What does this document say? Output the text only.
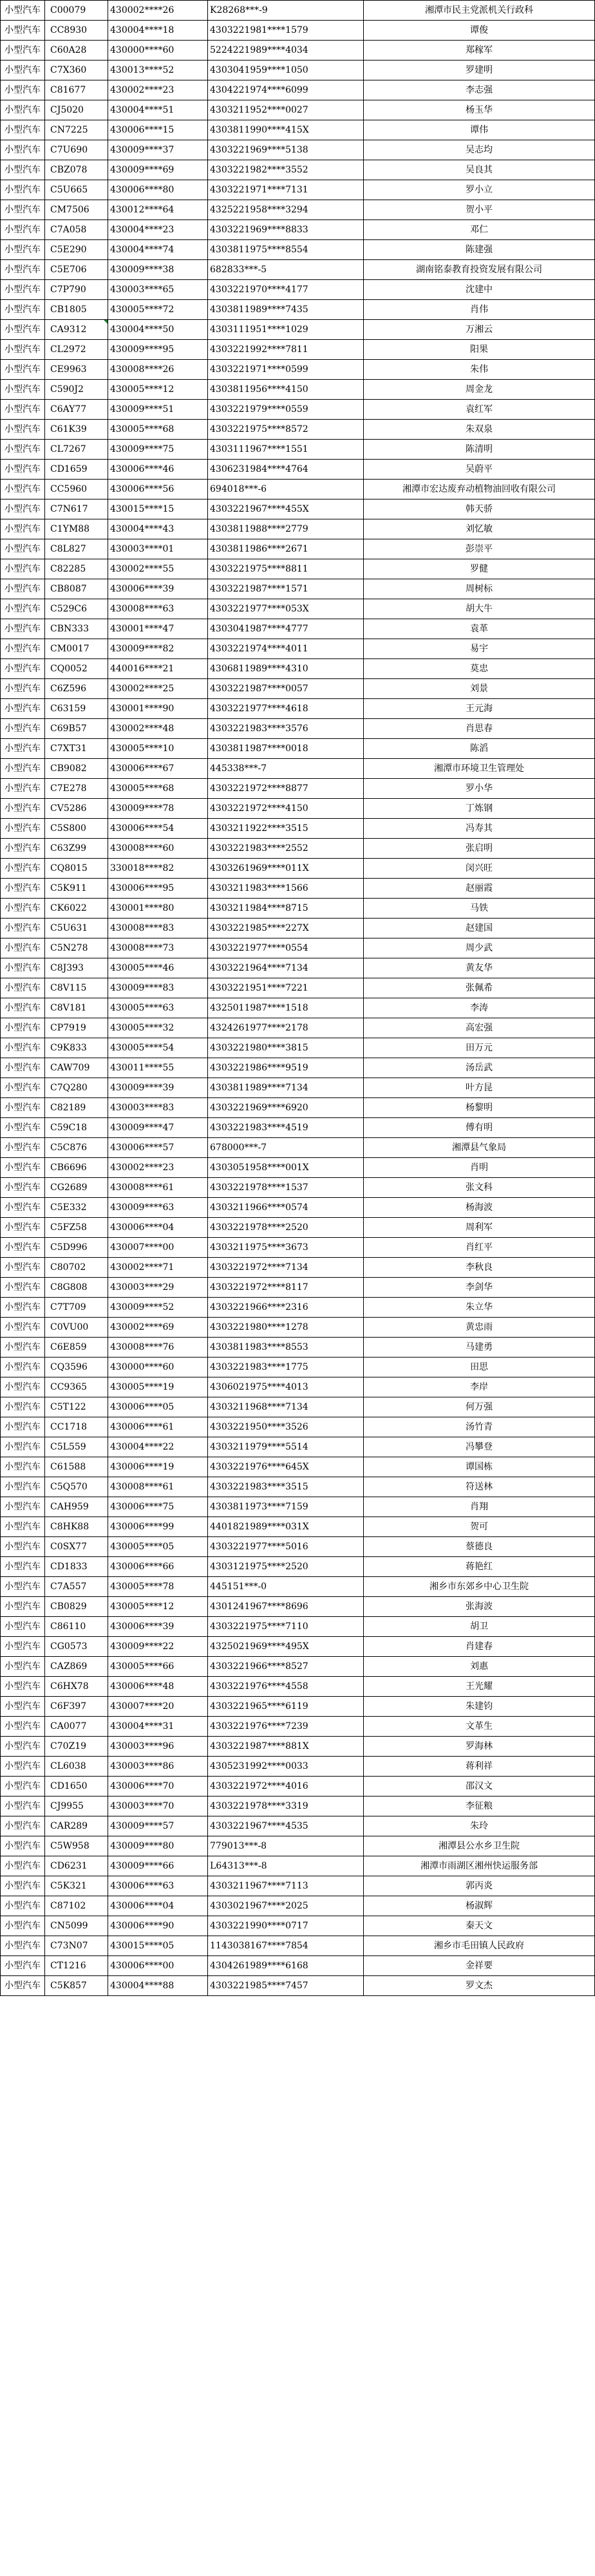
小型汽车	C00079	430002****26	K28268***-9	湘潭市民主党派机关行政科
小型汽车	CC8930	430004****18	4303221981****1579	谭俊
小型汽车	C60A28	430000****60	5224221989****4034	郑稼军
小型汽车	C7X360	430013****52	4303041959****1050	罗建明
小型汽车	C81677	430002****23	4304221974****6099	李志强
小型汽车	CJ5020	430004****51	4303211952****0027	杨玉华
小型汽车	CN7225	430006****15	4303811990****415X	谭伟
小型汽车	C7U690	430009****37	4303221969****5138	吴志均
小型汽车	CBZ078	430009****69	4303221982****3552	吴良其
小型汽车	C5U665	430006****80	4303221971****7131	罗小立
小型汽车	CM7506	430012****64	4325221958****3294	贺小平
小型汽车	C7A058	430004****23	4303221969****8833	邓仁
小型汽车	C5E290	430004****74	4303811975****8554	陈建强
小型汽车	C5E706	430009****38	682833***-5	湖南铭泰教育投资发展有限公司
小型汽车	C7P790	430003****65	4303221970****4177	沈建中
小型汽车	CB1805	430005****72	4303811989****7435	肖伟
小型汽车	CA9312	430004****50	4303111951****1029	万湘云
小型汽车	CL2972	430009****95	4303221992****7811	阳果
小型汽车	CE9963	430008****26	4303221971****0599	朱伟
小型汽车	C590J2	430005****12	4303811956****4150	周金龙
小型汽车	C6AY77	430009****51	4303221979****0559	袁红军
小型汽车	C61K39	430005****68	4303221975****8572	朱双泉
小型汽车	CL7267	430009****75	4303111967****1551	陈清明
小型汽车	CD1659	430006****46	4306231984****4764	吴蔚平
小型汽车	CC5960	430006****56	694018***-6	湘潭市宏达废弃动植物油回收有限公司
小型汽车	C7N617	430015****15	4303221967****455X	韩天骄
小型汽车	C1YM88	430004****43	4303811988****2779	刘忆敏
小型汽车	C8L827	430003****01	4303811986****2671	彭崇平
小型汽车	C82285	430002****55	4303221975****8811	罗健
小型汽车	CB8087	430006****39	4303221987****1571	周树标
小型汽车	C529C6	430008****63	4303221977****053X	胡大牛
小型汽车	CBN333	430001****47	4303041987****4777	袁革
小型汽车	CM0017	430009****82	4303221974****4011	易宇
小型汽车	CQ0052	440016****21	4306811989****4310	莫忠
小型汽车	C6Z596	430002****25	4303221987****0057	刘景
小型汽车	C63159	430001****90	4303221977****4618	王元海
小型汽车	C69B57	430002****48	4303221983****3576	肖思春
小型汽车	C7XT31	430005****10	4303811987****0018	陈滔
小型汽车	CB9082	430006****67	445338***-7	湘潭市环境卫生管理处
小型汽车	C7E278	430005****68	4303221972****8877	罗小华
小型汽车	CV5286	430009****78	4303221972****4150	丁炼钢
小型汽车	C5S800	430006****54	4303211922****3515	冯寿其
小型汽车	C63Z99	430008****60	4303221983****2552	张启明
小型汽车	CQ8015	330018****82	4303261969****011X	闵兴旺
小型汽车	C5K911	430006****95	4303211983****1566	赵丽霞
小型汽车	CK6022	430001****80	4303211984****8715	马铁
小型汽车	C5U631	430008****83	4303221985****227X	赵建国
小型汽车	C5N278	430008****73	4303221977****0554	周少武
小型汽车	C8J393	430005****46	4303221964****7134	黄友华
小型汽车	C8V115	430009****83	4303221951****7221	张佩希
小型汽车	C8V181	430005****63	4325011987****1518	李涛
小型汽车	CP7919	430005****32	4324261977****2178	高宏强
小型汽车	C9K833	430005****54	4303221980****3815	田万元
小型汽车	CAW709	430011****55	4303221986****9519	汤岳武
小型汽车	C7Q280	430009****39	4303811989****7134	叶方昆
小型汽车	C82189	430003****83	4303221969****6920	杨黎明
小型汽车	C59C18	430009****47	4303221983****4519	傅有明
小型汽车	C5C876	430006****57	678000***-7	湘潭县气象局
小型汽车	CB6696	430002****23	4303051958****001X	肖明
小型汽车	CG2689	430008****61	4303221978****1537	张文科
小型汽车	C5E332	430009****63	4303211966****0574	杨海波
小型汽车	C5FZ58	430006****04	4303221978****2520	周利军
小型汽车	C5D996	430007****00	4303211975****3673	肖红平
小型汽车	C80702	430002****71	4303221972****7134	李秋良
小型汽车	C8G808	430003****29	4303221972****8117	李剑华
小型汽车	C7T709	430009****52	4303221966****2316	朱立华
小型汽车	C0VU00	430002****69	4303221980****1278	黄忠雨
小型汽车	C6E859	430008****76	4303811983****8553	马建勇
小型汽车	CQ3596	430000****60	4303221983****1775	田思
小型汽车	CC9365	430005****19	4306021975****4013	李岸
小型汽车	C5T122	430006****05	4303211968****7134	何万强
小型汽车	CC1718	430006****61	4303221950****3526	汤竹青
小型汽车	C5L559	430004****22	4303211979****5514	冯攀登
小型汽车	C61588	430006****19	4303221976****645X	谭国栋
小型汽车	C5Q570	430008****61	4303221983****3515	符送林
小型汽车	CAH959	430006****75	4303811973****7159	肖翔
小型汽车	C8HK88	430006****99	4401821989****031X	贺可
小型汽车	C0SX77	430005****05	4303221977****5016	蔡德良
小型汽车	CD1833	430006****66	4303121975****2520	蒋艳红
小型汽车	C7A557	430005****78	445151***-0	湘乡市东郊乡中心卫生院
小型汽车	CB0829	430005****12	4301241967****8696	张海波
小型汽车	C86110	430006****39	4303221975****7110	胡卫
小型汽车	CG0573	430009****22	4325021969****495X	肖建春
小型汽车	CAZ869	430005****66	4303221966****8527	刘惠
小型汽车	C6HX78	430006****48	4303221976****4558	王光耀
小型汽车	C6F397	430007****20	4303221965****6119	朱建钧
小型汽车	CA0077	430004****31	4303221976****7239	文革生
小型汽车	C70Z19	430003****96	4303221987****881X	罗海林
小型汽车	CL6038	430003****86	4305231992****0033	蒋利祥
小型汽车	CD1650	430006****70	4303221972****4016	邵汉文
小型汽车	CJ9955	430003****70	4303221978****3319	李征粮
小型汽车	CAR289	430009****57	4303221967****4535	朱玲
小型汽车	C5W958	430009****80	779013***-8	湘潭县公水乡卫生院
小型汽车	CD6231	430009****66	L64313***-8	湘潭市雨湖区湘州快运服务部
小型汽车	C5K321	430006****63	4303211967****7113	郭丙炎
小型汽车	C87102	430006****04	4303021967****2025	杨淑辉
小型汽车	CN5099	430006****90	4303221990****0717	秦天文
小型汽车	C73N07	430015****05	1143038167****7854	湘乡市毛田镇人民政府
小型汽车	CT1216	430006****00	4304261989****6168	金祥要
小型汽车	C5K857	430004****88	4303221985****7457	罗文杰
